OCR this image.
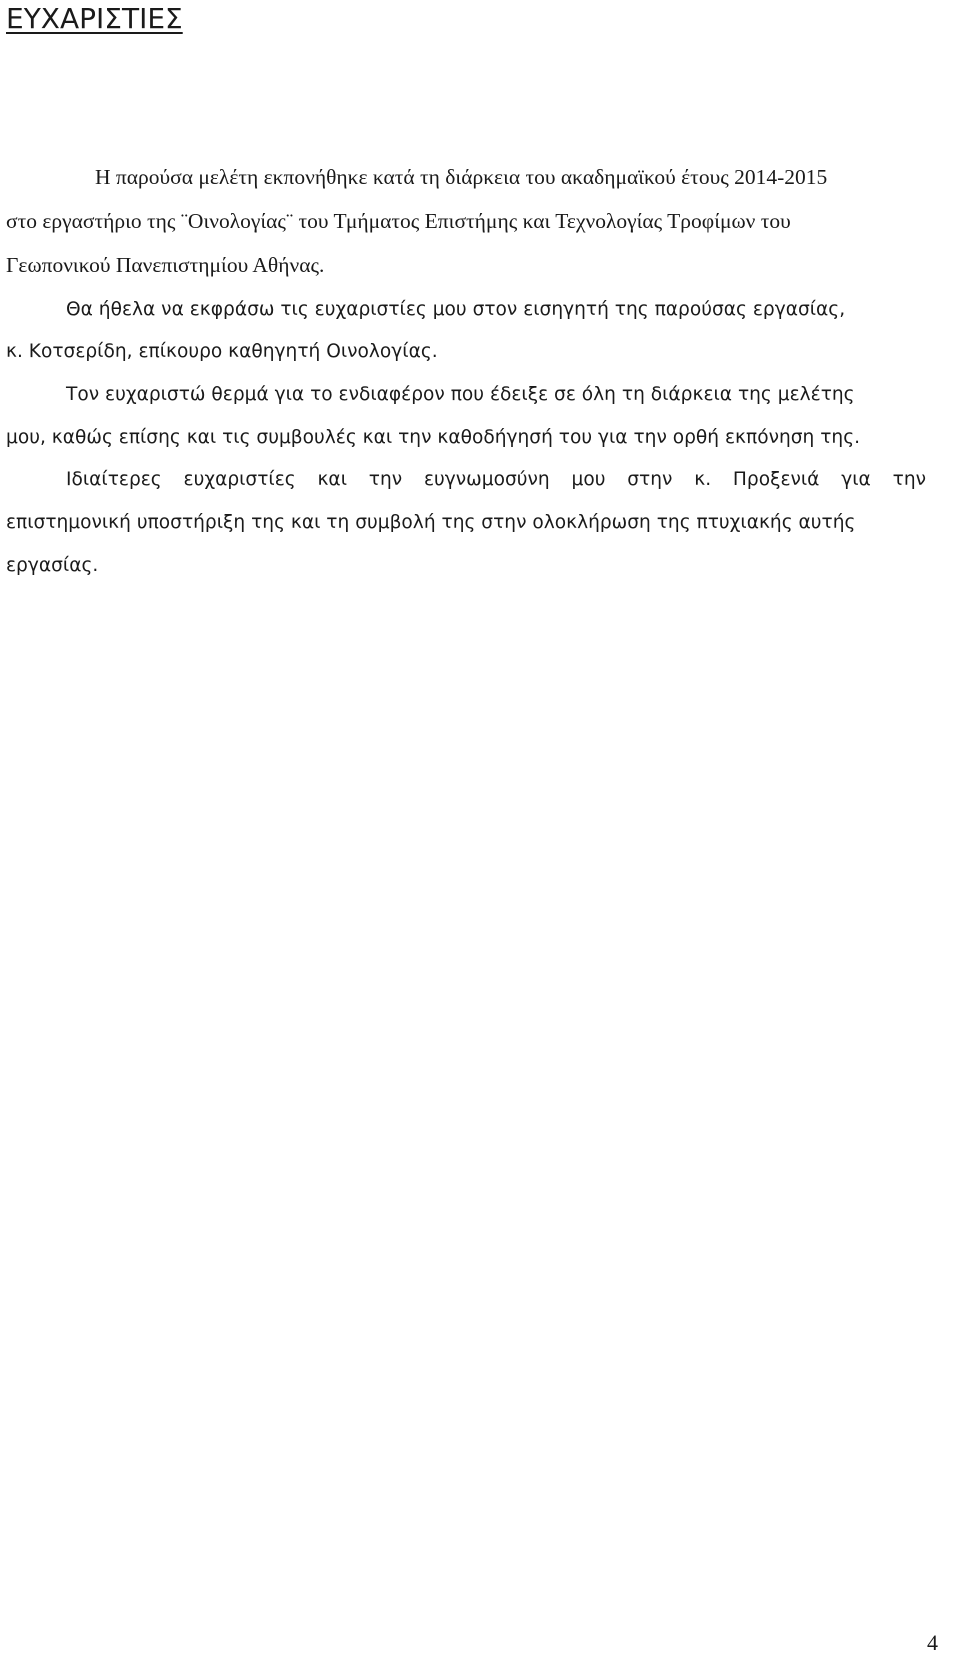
ΕΥΧΑΡΙΣΤΙΕΣ

Η παρούσα μελέτη εκπονήθηκε κατά τη διάρκεια του ακαδημαϊκού έτους 2014-2015

στο εργαστήριο της ¨Οινολογίας¨ του Τμήματος Επιστήμης και Τεχνολογίας Τροφίμων του

Γεωπονικού Πανεπιστημίου Αθήνας.

Θα ήθελα να εκφράσω τις ευχαριστίες μου στον εισηγητή της παρούσας εργασίας,

κ. Κοτσερίδη, επίκουρο καθηγητή Οινολογίας.

Τον ευχαριστώ θερμά για το ενδιαφέρον που έδειξε σε όλη τη διάρκεια της μελέτης

μου, καθώς επίσης και τις συμβουλές και την καθοδήγησή του για την ορθή εκπόνηση της.

Ιδιαίτερες ευχαριστίες και την ευγνωμοσύνη μου στην κ. Προξενιά για την

επιστημονική υποστήριξη της και τη συμβολή της στην ολοκλήρωση της πτυχιακής αυτής

εργασίας.

4
